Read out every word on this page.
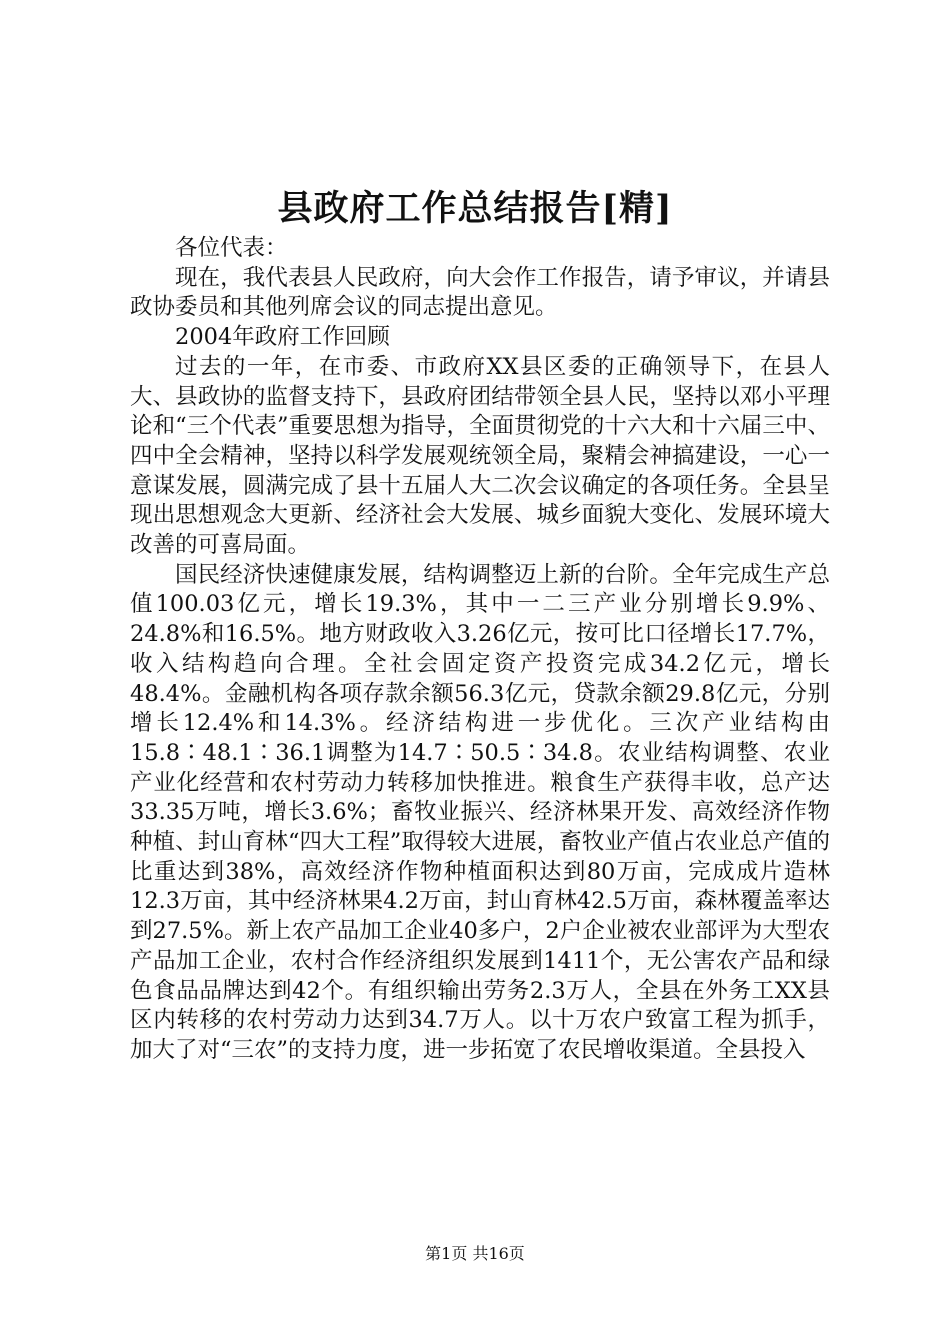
县政府工作总结报告[精]

各位代表：

现在，我代表县人民政府，向大会作工作报告，请予审议，并请县政协委员和其他列席会议的同志提出意见。

2004年政府工作回顾

过去的一年，在市委、市政府XX县区委的正确领导下，在县人大、县政协的监督支持下，县政府团结带领全县人民，坚持以邓小平理论和“三个代表”重要思想为指导，全面贯彻党的十六大和十六届三中、四中全会精神，坚持以科学发展观统领全局，聚精会神搞建设，一心一意谋发展，圆满完成了县十五届人大二次会议确定的各项任务。全县呈现出思想观念大更新、经济社会大发展、城乡面貌大变化、发展环境大改善的可喜局面。

国民经济快速健康发展，结构调整迈上新的台阶。全年完成生产总值100.03亿元，增长19.3%，其中一二三产业分别增长9.9%、24.8%和16.5%。地方财政收入3.26亿元，按可比口径增长17.7%，收入结构趋向合理。全社会固定资产投资完成34.2亿元，增长48.4%。金融机构各项存款余额56.3亿元，贷款余额29.8亿元，分别增长12.4%和14.3%。经济结构进一步优化。三次产业结构由15.8∶48.1∶36.1调整为14.7∶50.5∶34.8。农业结构调整、农业产业化经营和农村劳动力转移加快推进。粮食生产获得丰收，总产达33.35万吨，增长3.6%；畜牧业振兴、经济林果开发、高效经济作物种植、封山育林“四大工程”取得较大进展，畜牧业产值占农业总产值的比重达到38%，高效经济作物种植面积达到80万亩，完成成片造林12.3万亩，其中经济林果4.2万亩，封山育林42.5万亩，森林覆盖率达到27.5%。新上农产品加工企业40多户，2户企业被农业部评为大型农产品加工企业，农村合作经济组织发展到1411个，无公害农产品和绿色食品品牌达到42个。有组织输出劳务2.3万人，全县在外务工XX县区内转移的农村劳动力达到34.7万人。以十万农户致富工程为抓手，加大了对“三农”的支持力度，进一步拓宽了农民增收渠道。全县投入

第1页 共16页
